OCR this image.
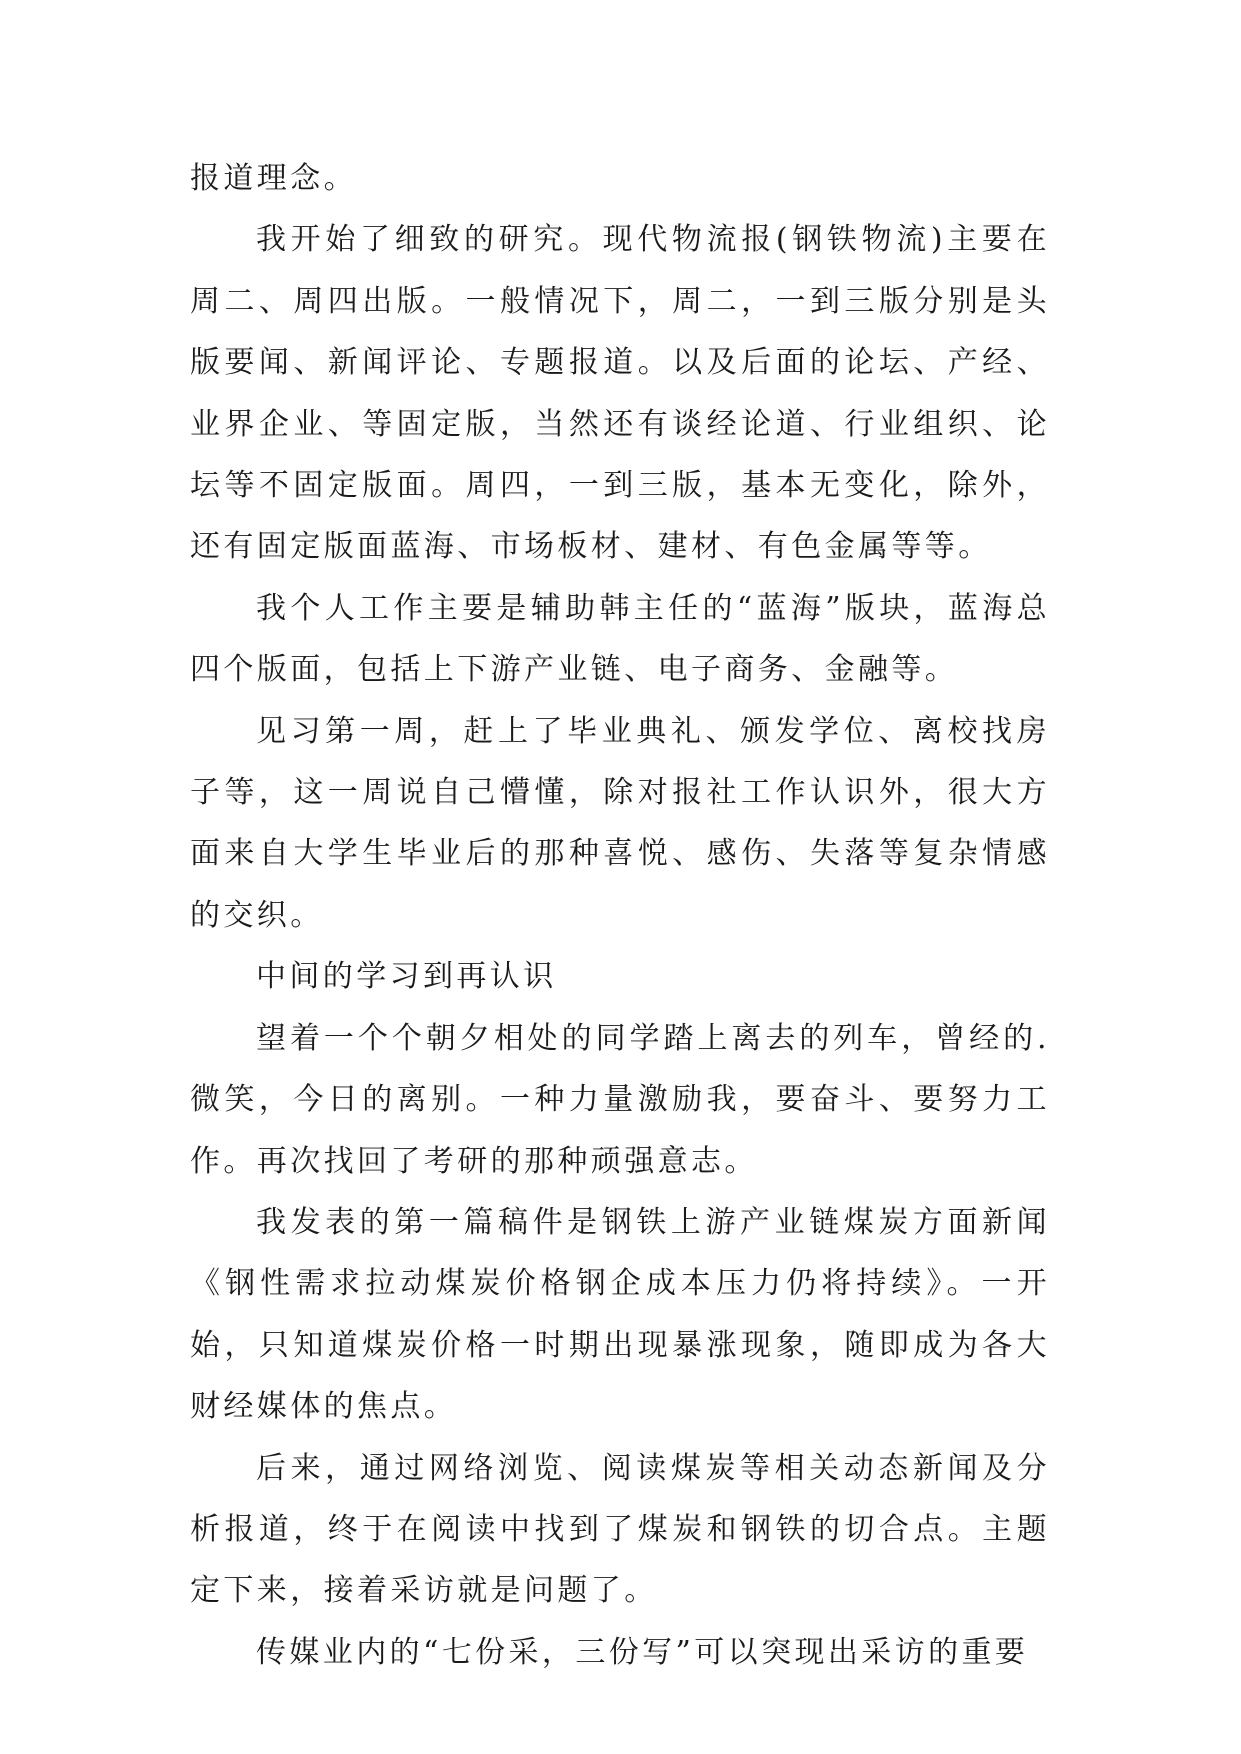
报道理念。

我开始了细致的研究。现代物流报(钢铁物流)主要在周二、周四出版。一般情况下，周二，一到三版分别是头版要闻、新闻评论、专题报道。以及后面的论坛、产经、业界企业、等固定版，当然还有谈经论道、行业组织、论坛等不固定版面。周四，一到三版，基本无变化，除外，还有固定版面蓝海、市场板材、建材、有色金属等等。

我个人工作主要是辅助韩主任的“蓝海”版块，蓝海总四个版面，包括上下游产业链、电子商务、金融等。

见习第一周，赶上了毕业典礼、颁发学位、离校找房子等，这一周说自己懵懂，除对报社工作认识外，很大方面来自大学生毕业后的那种喜悦、感伤、失落等复杂情感的交织。

中间的学习到再认识

望着一个个朝夕相处的同学踏上离去的列车，曾经的.微笑，今日的离别。一种力量激励我，要奋斗、要努力工作。再次找回了考研的那种顽强意志。

我发表的第一篇稿件是钢铁上游产业链煤炭方面新闻《钢性需求拉动煤炭价格钢企成本压力仍将持续》。一开始，只知道煤炭价格一时期出现暴涨现象，随即成为各大财经媒体的焦点。

后来，通过网络浏览、阅读煤炭等相关动态新闻及分析报道，终于在阅读中找到了煤炭和钢铁的切合点。主题定下来，接着采访就是问题了。

传媒业内的“七份采，三份写”可以突现出采访的重要
